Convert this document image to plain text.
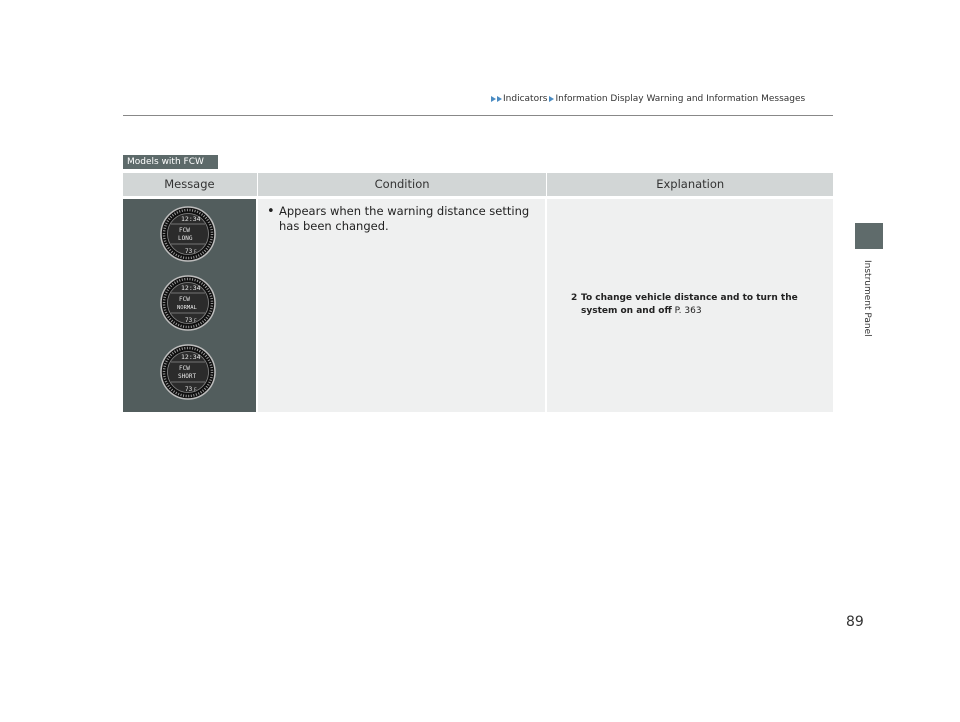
Indicators Information Display Warning and Information Messages
Instrument Panel
Models with FCW
Message	Condition	Explanation
12:34
FCW
LONG
73 F
12:34
FCW
NORMAL
73 F
12:34
FCW
SHORT
73 F
• Appears when the warning distance setting has been changed.
2 To change vehicle distance and to turn the system on and off P. 363
89
